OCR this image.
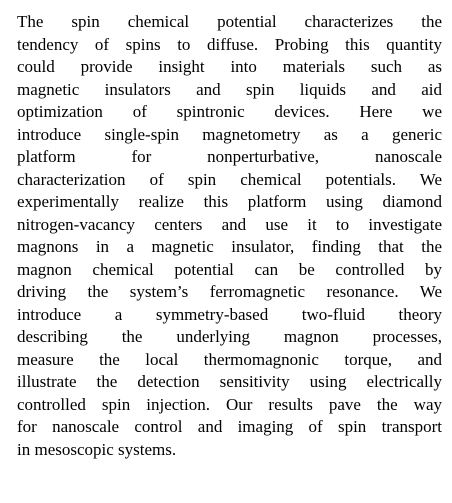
The spin chemical potential characterizes the
tendency of spins to diffuse. Probing this quantity
could provide insight into materials such as
magnetic insulators and spin liquids and aid
optimization of spintronic devices. Here we
introduce single-spin magnetometry as a generic
platform for nonperturbative, nanoscale
characterization of spin chemical potentials. We
experimentally realize this platform using diamond
nitrogen-vacancy centers and use it to investigate
magnons in a magnetic insulator, finding that the
magnon chemical potential can be controlled by
driving the system’s ferromagnetic resonance. We
introduce a symmetry-based two-fluid theory
describing the underlying magnon processes,
measure the local thermomagnonic torque, and
illustrate the detection sensitivity using electrically
controlled spin injection. Our results pave the way
for nanoscale control and imaging of spin transport
in mesoscopic systems.
